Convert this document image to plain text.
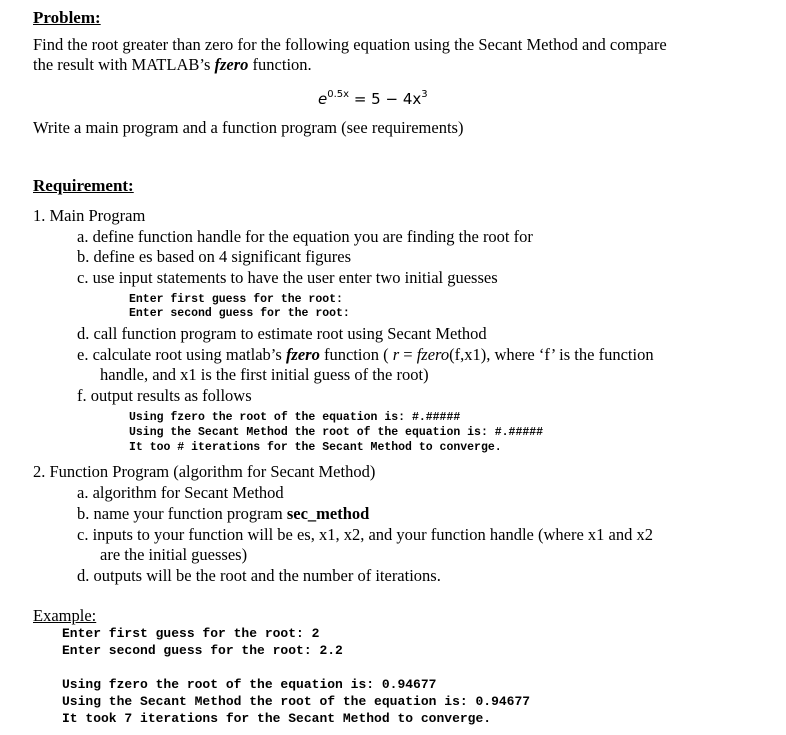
Problem:
Find the root greater than zero for the following equation using the Secant Method and compare
the result with MATLAB’s fzero function.
$e^{0.5x} = 5 - 4x^3$
Write a main program and a function program (see requirements)
Requirement:
1. Main Program
a. define function handle for the equation you are finding the root for
b. define es based on 4 significant figures
c. use input statements to have the user enter two initial guesses
Enter first guess for the root:
Enter second guess for the root:
d. call function program to estimate root using Secant Method
e. calculate root using matlab’s fzero function ( r = fzero(f,x1), where ‘f’ is the function
handle, and x1 is the first initial guess of the root)
f. output results as follows
Using fzero the root of the equation is: #.#####
Using the Secant Method the root of the equation is: #.#####
It too # iterations for the Secant Method to converge.
2. Function Program (algorithm for Secant Method)
a. algorithm for Secant Method
b. name your function program sec_method
c. inputs to your function will be es, x1, x2, and your function handle (where x1 and x2
are the initial guesses)
d. outputs will be the root and the number of iterations.
Example:
Enter first guess for the root: 2
Enter second guess for the root: 2.2
Using fzero the root of the equation is: 0.94677
Using the Secant Method the root of the equation is: 0.94677
It took 7 iterations for the Secant Method to converge.
